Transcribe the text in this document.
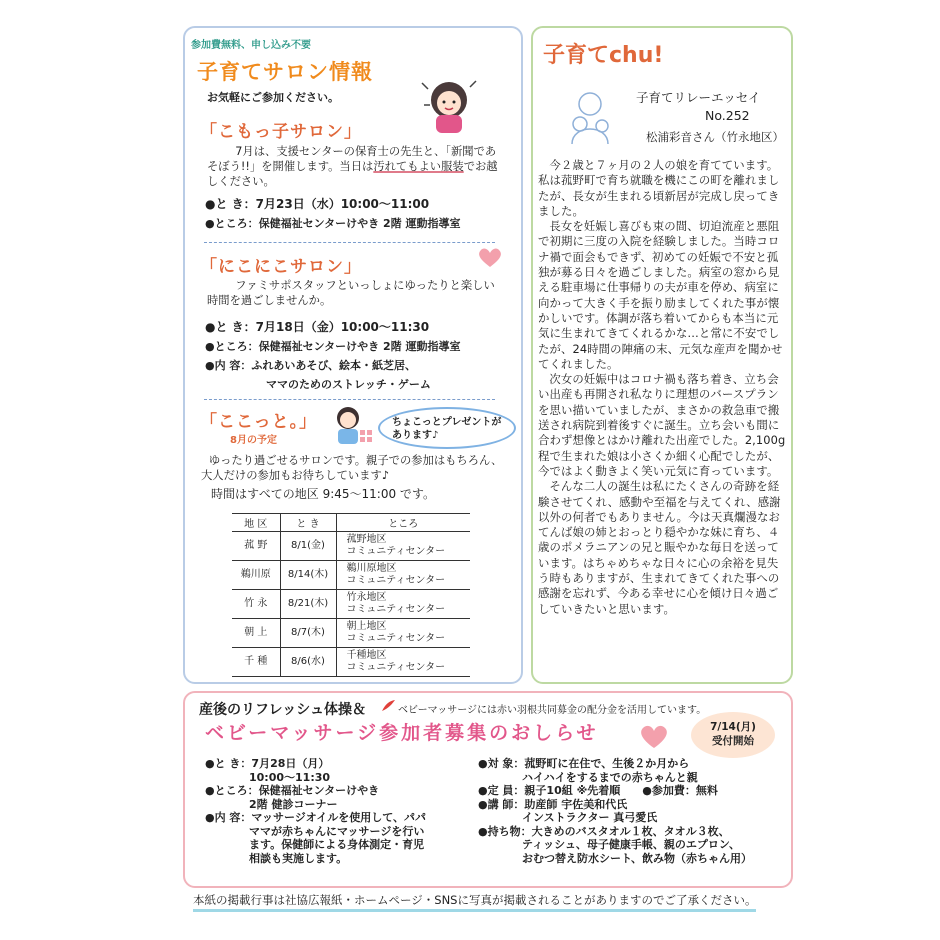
参加費無料、申し込み不要
子育てサロン情報
お気軽にご参加ください。
「こもっ子サロン」
7月は、支援センターの保育士の先生と、「新聞であそぼう!!」を開催します。当日は汚れてもよい服装でお越しください。
●と き：7月23日（水）10:00～11:00
●ところ：保健福祉センターけやき 2階 運動指導室
「にこにこサロン」
ファミサポスタッフといっしょにゆったりと楽しい時間を過ごしませんか。
●と き：7月18日（金）10:00～11:30
●ところ：保健福祉センターけやき 2階 運動指導室
●内 容：ふれあいあそび、絵本・紙芝居、
ママのためのストレッチ・ゲーム
「ここっと。」
8月の予定
ちょこっとプレゼントが
あります♪
ゆったり過ごせるサロンです。親子での参加はもちろん、大人だけの参加もお待ちしています♪
時間はすべての地区 9:45～11:00 です。
地 区	と き	ところ
菰 野	8/1(金)	菰野地区
コミュニティセンター

鵜川原	8/14(木)	鵜川原地区
コミュニティセンター

竹 永	8/21(木)	竹永地区
コミュニティセンター

朝 上	8/7(木)	朝上地区
コミュニティセンター

千 種	8/6(水)	千種地区
コミュニティセンター
子育てchu!
子育てリレーエッセイ
No.252
松浦彩音さん（竹永地区）

今２歳と７ヶ月の２人の娘を育てています。私は菰野町で育ち就職を機にこの町を離れましたが、長女が生まれる頃新居が完成し戻ってきました。

長女を妊娠し喜びも束の間、切迫流産と悪阻で初期に三度の入院を経験しました。当時コロナ禍で面会もできず、初めての妊娠で不安と孤独が募る日々を過ごしました。病室の窓から見える駐車場に仕事帰りの夫が車を停め、病室に向かって大きく手を振り励ましてくれた事が懐かしいです。体調が落ち着いてからも本当に元気に生まれてきてくれるかな…と常に不安でしたが、24時間の陣痛の末、元気な産声を聞かせてくれました。

次女の妊娠中はコロナ禍も落ち着き、立ち会い出産も再開され私なりに理想のバースプランを思い描いていましたが、まさかの救急車で搬送され病院到着後すぐに誕生。立ち会いも間に合わず想像とはかけ離れた出産でした。2,100g程で生まれた娘は小さくか細く心配でしたが、今ではよく動きよく笑い元気に育っています。

そんな二人の誕生は私にたくさんの奇跡を経験させてくれ、感動や至福を与えてくれ、感謝以外の何者でもありません。今は天真爛漫なおてんば娘の姉とおっとり穏やかな妹に育ち、４歳のポメラニアンの兄と賑やかな毎日を送っています。はちゃめちゃな日々に心の余裕を見失う時もありますが、生まれてきてくれた事への感謝を忘れず、今ある幸せに心を傾け日々過ごしていきたいと思います。

産後のリフレッシュ体操＆	ベビーマッサージには赤い羽根共同募金の配分金を活用しています。
ベビーマッサージ参加者募集のおしらせ	7/14(月)
受付開始
●と き：7月28日（月）
　　　　10:00～11:30
●ところ：保健福祉センターけやき
　　　　2階 健診コーナー
●内 容：マッサージオイルを使用して、パパ
　　　　ママが赤ちゃんにマッサージを行い
　　　　ます。保健師による身体測定・育児
　　　　相談も実施します。
●対 象：菰野町に在住で、生後２か月から
　　　　ハイハイをするまでの赤ちゃんと親
●定 員：親子10組 ※先着順　　●参加費：無料
●講 師：助産師 宇佐美和代氏
　　　　インストラクター 真弓愛氏
●持ち物：大きめのバスタオル１枚、タオル３枚、
　　　　ティッシュ、母子健康手帳、親のエプロン、
　　　　おむつ替え防水シート、飲み物（赤ちゃん用）
本紙の掲載行事は社協広報紙・ホームページ・SNSに写真が掲載されることがありますのでご了承ください。
